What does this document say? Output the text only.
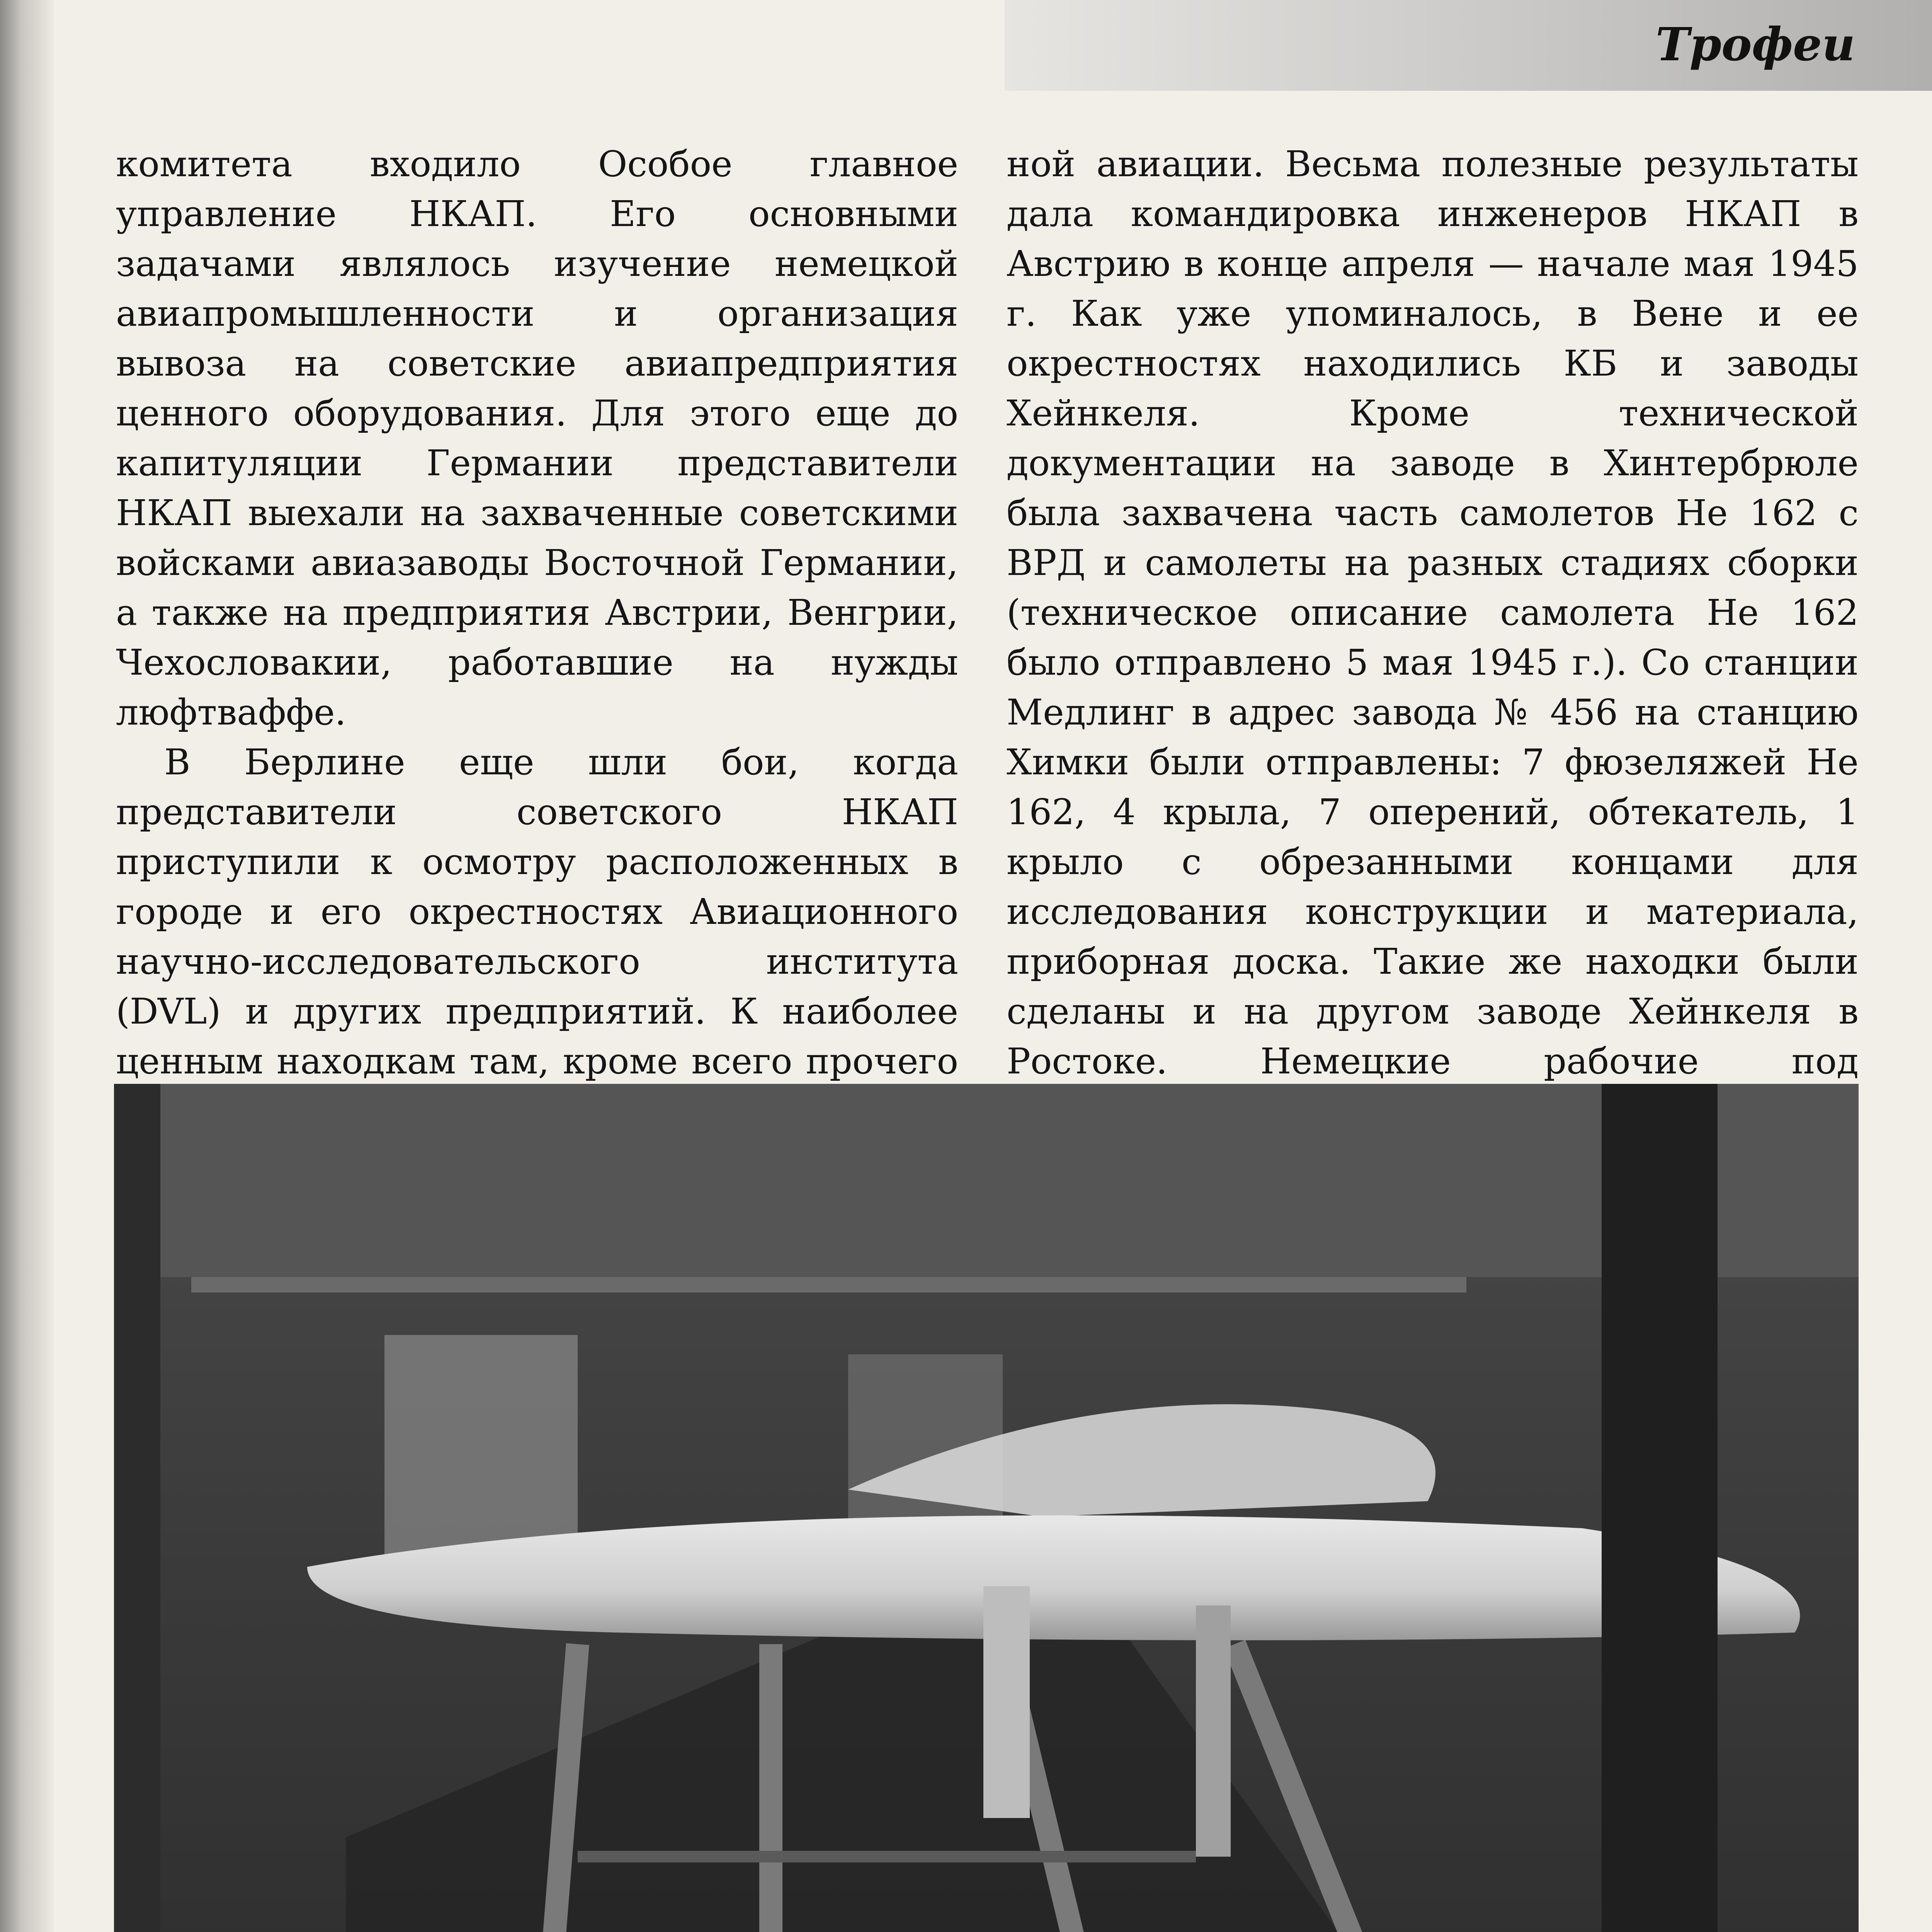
Трофеи

комитета входило Особое главное управление НКАП. Его основными задачами являлось изучение немецкой авиапромышленности и организация вывоза на советские авиапредприятия ценного оборудования. Для этого еще до капитуляции Германии представители НКАП выехали на захваченные советскими войсками авиазаводы Восточной Германии, а также на предприятия Австрии, Венгрии, Чехословакии, работавшие на нужды люфтваффе.

В Берлине еще шли бои, когда представители советского НКАП приступили к осмотру расположенных в городе и его окрестностях Авиационного научно-исследовательского института (DVL) и других предприятий. К наиболее ценным находкам там, кроме всего прочего

ной авиации. Весьма полезные результаты дала командировка инженеров НКАП в Австрию в конце апреля — начале мая 1945 г. Как уже упоминалось, в Вене и ее окрестностях находились КБ и заводы Хейнкеля. Кроме технической документации на заводе в Хинтербрюле была захвачена часть самолетов Не 162 с ВРД и самолеты на разных стадиях сборки (техническое описание самолета Не 162 было отправлено 5 мая 1945 г.). Со станции Медлинг в адрес завода № 456 на станцию Химки были отправлены: 7 фюзеляжей Не 162, 4 крыла, 7 оперений, обтекатель, 1 крыло с обрезанными концами для исследования конструкции и материала, приборная доска. Такие же находки были сделаны и на другом заводе Хейнкеля в Ростоке. Немецкие рабочие под
